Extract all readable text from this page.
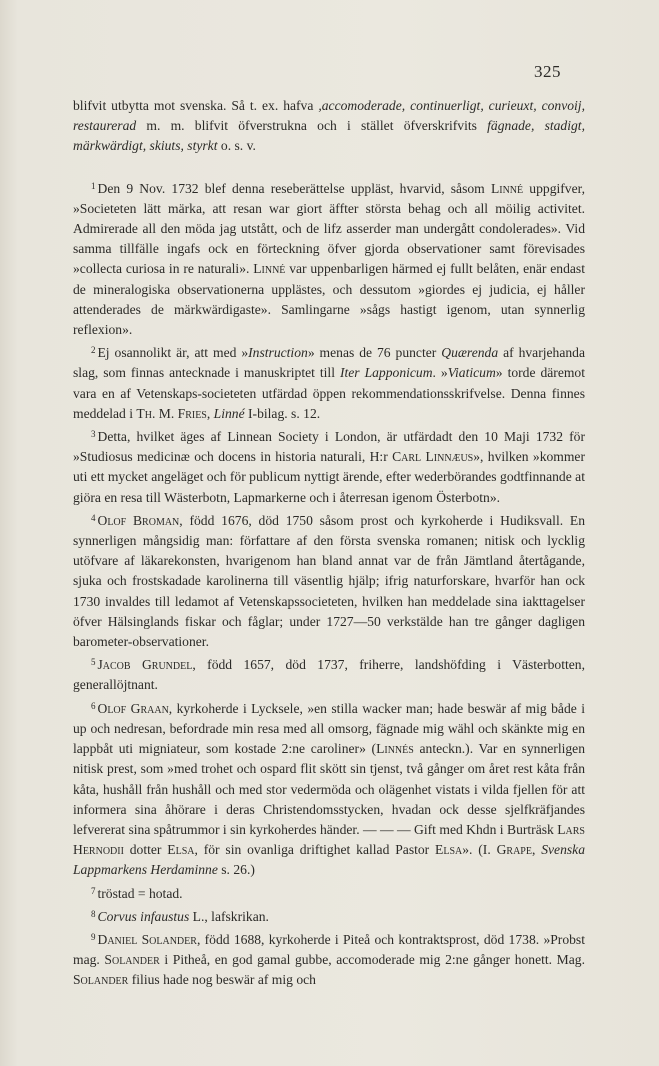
325

blifvit utbytta mot svenska. Så t. ex. hafva ,accomoderade, continuerligt, curieuxt, convoij, restaurerad m. m. blifvit öfverstrukna och i stället öfverskrifvits fägnade, stadigt, märkwärdigt, skiuts, styrkt o. s. v.

$^1$ Den 9 Nov. 1732 blef denna reseberättelse uppläst, hvarvid, såsom Linné uppgifver, »Societeten lätt märka, att resan war giort äffter största behag och all möilig activitet. Admirerade all den möda jag utstått, och de lifz asserder man undergått condolerades». Vid samma tillfälle ingafs ock en förteckning öfver gjorda observationer samt förevisades »collecta curiosa in re naturali». Linné var uppenbarligen härmed ej fullt belåten, enär endast de mineralogiska observationerna upplästes, och dessutom »giordes ej judicia, ej håller attenderades de märkwärdigaste». Samlingarne »sågs hastigt igenom, utan synnerlig reflexion».

$^2$ Ej osannolikt är, att med »Instruction» menas de 76 puncter Quærenda af hvarjehanda slag, som finnas antecknade i manuskriptet till Iter Lapponicum. »Viaticum» torde däremot vara en af Vetenskaps-societeten utfärdad öppen rekommendationsskrifvelse. Denna finnes meddelad i Th. M. Fries, Linné I-bilag. s. 12.

$^3$ Detta, hvilket äges af Linnean Society i London, är utfärdadt den 10 Maji 1732 för »Studiosus medicinæ och docens in historia naturali, H:r Carl Linnæus», hvilken »kommer uti ett mycket angeläget och för publicum nyttigt ärende, efter wederbörandes godtfinnande at giöra en resa till Wästerbotn, Lapmarkerne och i återresan igenom Österbotn».

$^4$ Olof Broman, född 1676, död 1750 såsom prost och kyrkoherde i Hudiksvall. En synnerligen mångsidig man: författare af den första svenska romanen; nitisk och lycklig utöfvare af läkarekonsten, hvarigenom han bland annat var de från Jämtland återtågande, sjuka och frostskadade karolinerna till väsentlig hjälp; ifrig naturforskare, hvarför han ock 1730 invaldes till ledamot af Vetenskapssocieteten, hvilken han meddelade sina iakttagelser öfver Hälsinglands fiskar och fåglar; under 1727—50 verkstälde han tre gånger dagligen barometer-observationer.

$^5$ Jacob Grundel, född 1657, död 1737, friherre, landshöfding i Västerbotten, generallöjtnant.

$^6$ Olof Graan, kyrkoherde i Lycksele, »en stilla wacker man; hade beswär af mig både i up och nedresan, befordrade min resa med all omsorg, fägnade mig wähl och skänkte mig en lappbåt uti migniateur, som kostade 2:ne caroliner» (Linnés anteckn.). Var en synnerligen nitisk prest, som »med trohet och ospard flit skött sin tjenst, två gånger om året rest kåta från kåta, hushåll från hushåll och med stor vedermöda och olägenhet vistats i vilda fjellen för att informera sina åhörare i deras Christendomsstycken, hvadan ock desse sjelfkräfjandes lefvererat sina spåtrummor i sin kyrkoherdes händer. — — — Gift med Khdn i Burträsk Lars Hernodii dotter Elsa, för sin ovanliga driftighet kallad Pastor Elsa». (I. Grape, Svenska Lappmarkens Herdaminne s. 26.)

$^7$ tröstad = hotad.

$^8$ Corvus infaustus L., lafskrikan.

$^9$ Daniel Solander, född 1688, kyrkoherde i Piteå och kontraktsprost, död 1738. »Probst mag. Solander i Pitheå, en god gamal gubbe, accomoderade mig 2:ne gånger honett. Mag. Solander filius hade nog beswär af mig och
